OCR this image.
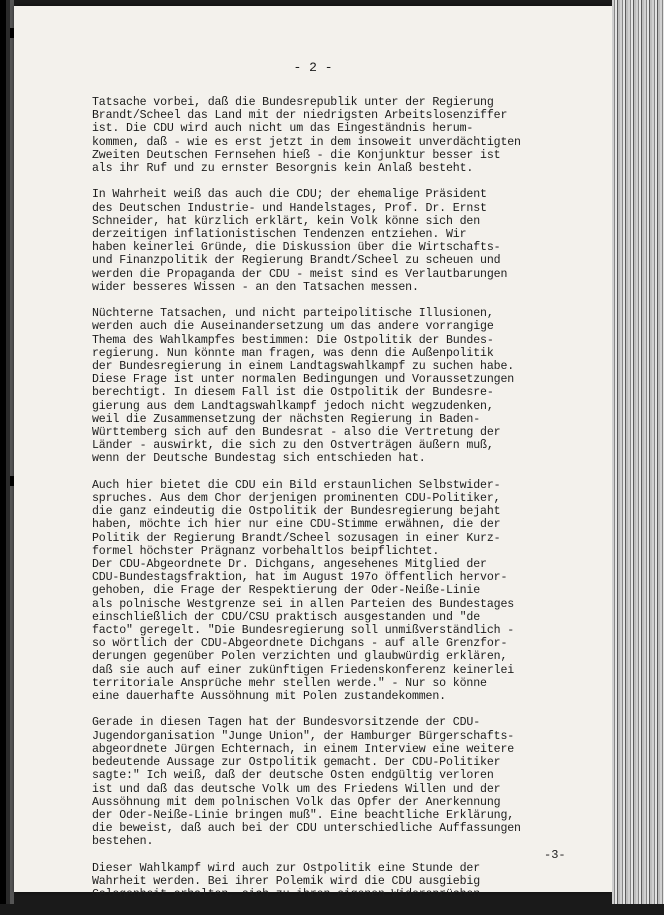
- 2 -

Tatsache vorbei, daß die Bundesrepublik unter der Regierung
Brandt/Scheel das Land mit der niedrigsten Arbeitslosenziffer
ist. Die CDU wird auch nicht um das Eingeständnis herum-
kommen, daß - wie es erst jetzt in dem insoweit unverdächtigten
Zweiten Deutschen Fernsehen hieß - die Konjunktur besser ist
als ihr Ruf und zu ernster Besorgnis kein Anlaß besteht.

In Wahrheit weiß das auch die CDU; der ehemalige Präsident
des Deutschen Industrie- und Handelstages, Prof. Dr. Ernst
Schneider, hat kürzlich erklärt, kein Volk könne sich den
derzeitigen inflationistischen Tendenzen entziehen. Wir
haben keinerlei Gründe, die Diskussion über die Wirtschafts-
und Finanzpolitik der Regierung Brandt/Scheel zu scheuen und
werden die Propaganda der CDU - meist sind es Verlautbarungen
wider besseres Wissen - an den Tatsachen messen.

Nüchterne Tatsachen, und nicht parteipolitische Illusionen,
werden auch die Auseinandersetzung um das andere vorrangige
Thema des Wahlkampfes bestimmen: Die Ostpolitik der Bundes-
regierung. Nun könnte man fragen, was denn die Außenpolitik
der Bundesregierung in einem Landtagswahlkampf zu suchen habe.
Diese Frage ist unter normalen Bedingungen und Voraussetzungen
berechtigt. In diesem Fall ist die Ostpolitik der Bundesre-
gierung aus dem Landtagswahlkampf jedoch nicht wegzudenken,
weil die Zusammensetzung der nächsten Regierung in Baden-
Württemberg sich auf den Bundesrat - also die Vertretung der
Länder - auswirkt, die sich zu den Ostverträgen äußern muß,
wenn der Deutsche Bundestag sich entschieden hat.

Auch hier bietet die CDU ein Bild erstaunlichen Selbstwider-
spruches. Aus dem Chor derjenigen prominenten CDU-Politiker,
die ganz eindeutig die Ostpolitik der Bundesregierung bejaht
haben, möchte ich hier nur eine CDU-Stimme erwähnen, die der
Politik der Regierung Brandt/Scheel sozusagen in einer Kurz-
formel höchster Prägnanz vorbehaltlos beipflichtet.
Der CDU-Abgeordnete Dr. Dichgans, angesehenes Mitglied der
CDU-Bundestagsfraktion, hat im August 197o öffentlich hervor-
gehoben, die Frage der Respektierung der Oder-Neiße-Linie
als polnische Westgrenze sei in allen Parteien des Bundestages
einschließlich der CDU/CSU praktisch ausgestanden und "de
facto" geregelt. "Die Bundesregierung soll unmißverständlich -
so wörtlich der CDU-Abgeordnete Dichgans - auf alle Grenzfor-
derungen gegenüber Polen verzichten und glaubwürdig erklären,
daß sie auch auf einer zukünftigen Friedenskonferenz keinerlei
territoriale Ansprüche mehr stellen werde." - Nur so könne
eine dauerhafte Aussöhnung mit Polen zustandekommen.

Gerade in diesen Tagen hat der Bundesvorsitzende der CDU-
Jugendorganisation "Junge Union", der Hamburger Bürgerschafts-
abgeordnete Jürgen Echternach, in einem Interview eine weitere
bedeutende Aussage zur Ostpolitik gemacht. Der CDU-Politiker
sagte:" Ich weiß, daß der deutsche Osten endgültig verloren
ist und daß das deutsche Volk um des Friedens Willen und der
Aussöhnung mit dem polnischen Volk das Opfer der Anerkennung
der Oder-Neiße-Linie bringen muß". Eine beachtliche Erklärung,
die beweist, daß auch bei der CDU unterschiedliche Auffassungen
bestehen.

Dieser Wahlkampf wird auch zur Ostpolitik eine Stunde der
Wahrheit werden. Bei ihrer Polemik wird die CDU ausgiebig
Gelegenheit erhalten, sich zu ihren eigenen Widersprüchen

-3-
